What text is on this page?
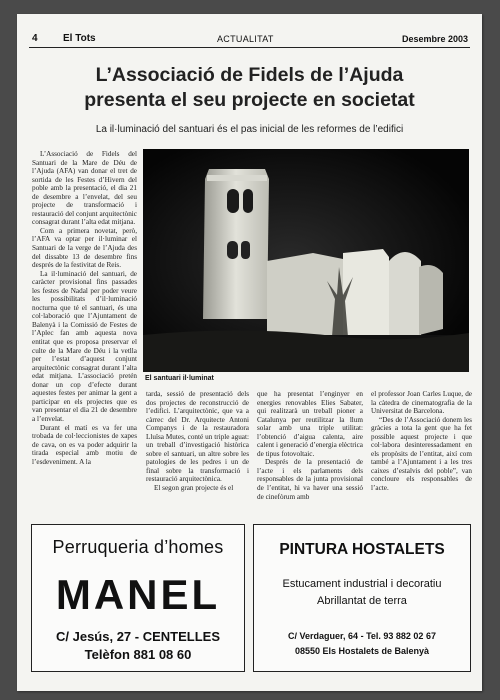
4	El Tots	ACTUALITAT	Desembre 2003
L’Associació de Fidels de l’Ajuda
presenta el seu projecte en societat
La il·luminació del santuari és el pas inicial de les reformes de l’edifici

L’Associació de Fidels del Santuari de la Mare de Déu de l’Ajuda (AFA) van donar el tret de sortida de les Festes d’Hivern del poble amb la presentació, el dia 21 de desembre a l’envelat, del seu projecte de transformació i restauració del conjunt arquitectònic consagrat durant l’alta edat mitjana.

Com a primera novetat, però, l’AFA va optar per il·luminar el Santuari de la verge de l’Ajuda des del dissabte 13 de desembre fins després de la festivitat de Reis.

La il·luminació del santuari, de caràcter provisional fins passades les festes de Nadal per poder veure les possibilitats d’il·luminació nocturna que té el santuari, és una col·laboració que l’Ajuntament de Balenyà i la Comissió de Festes de l’Aplec fan amb aquesta nova entitat que es proposa preservar el culte de la Mare de Déu i la vetlla per l’estat d’aquest conjunt arquitectònic consagrat durant l’alta edat mitjana. L’associació pretén donar un cop d’efecte durant aquestes festes per animar la gent a participar en els projectes que es van presentar el dia 21 de desembre a l’envelat.

Durant el matí es va fer una trobada de col·leccionistes de xapes de cava, on es va poder adquirir la tirada especial amb motiu de l’esdeveniment. A la

El santuari il·luminat

tarda, sessió de presentació dels dos projectes de reconstrucció de l’edifici. L’arquitectònic, que va a càrrec del Dr. Arquitecte Antoni Companys i de la restauradora Lluïsa Mutes, conté un triple aguat: un treball d’investigació històrica sobre el santuari, un altre sobre les patologies de les pedres i un de final sobre la transformació i restauració arquitectònica.

El segon gran projecte és el

que ha presentat l’enginyer en energies renovables Elies Sabater, qui realitzarà un treball pioner a Catalunya per reutilitzar la llum solar amb una triple utilitat: l’obtenció d’aigua calenta, aire calent i generació d’energia elèctrica de tipus fotovoltaic.

Després de la presentació de l’acte i els parlaments dels responsables de la junta provisional de l’entitat, hi va haver una sessió de cinefòrum amb

el professor Joan Carles Luque, de la càtedra de cinematografia de la Universitat de Barcelona.

“Des de l’Associació donem les gràcies a tota la gent que ha fet possible aquest projecte i que col·labora desinteressadament en els propòsits de l’entitat, així com també a l’Ajuntament i a les tres caixes d’estalvis del poble”, van concloure els responsables de l’acte.

Perruqueria d’homes
MANEL
C/ Jesús, 27 - CENTELLES
Telèfon 881 08 60
PINTURA HOSTALETS
Estucament industrial i decoratiu
Abrillantat de terra
C/ Verdaguer, 64 - Tel. 93 882 02 67
08550 Els Hostalets de Balenyà
